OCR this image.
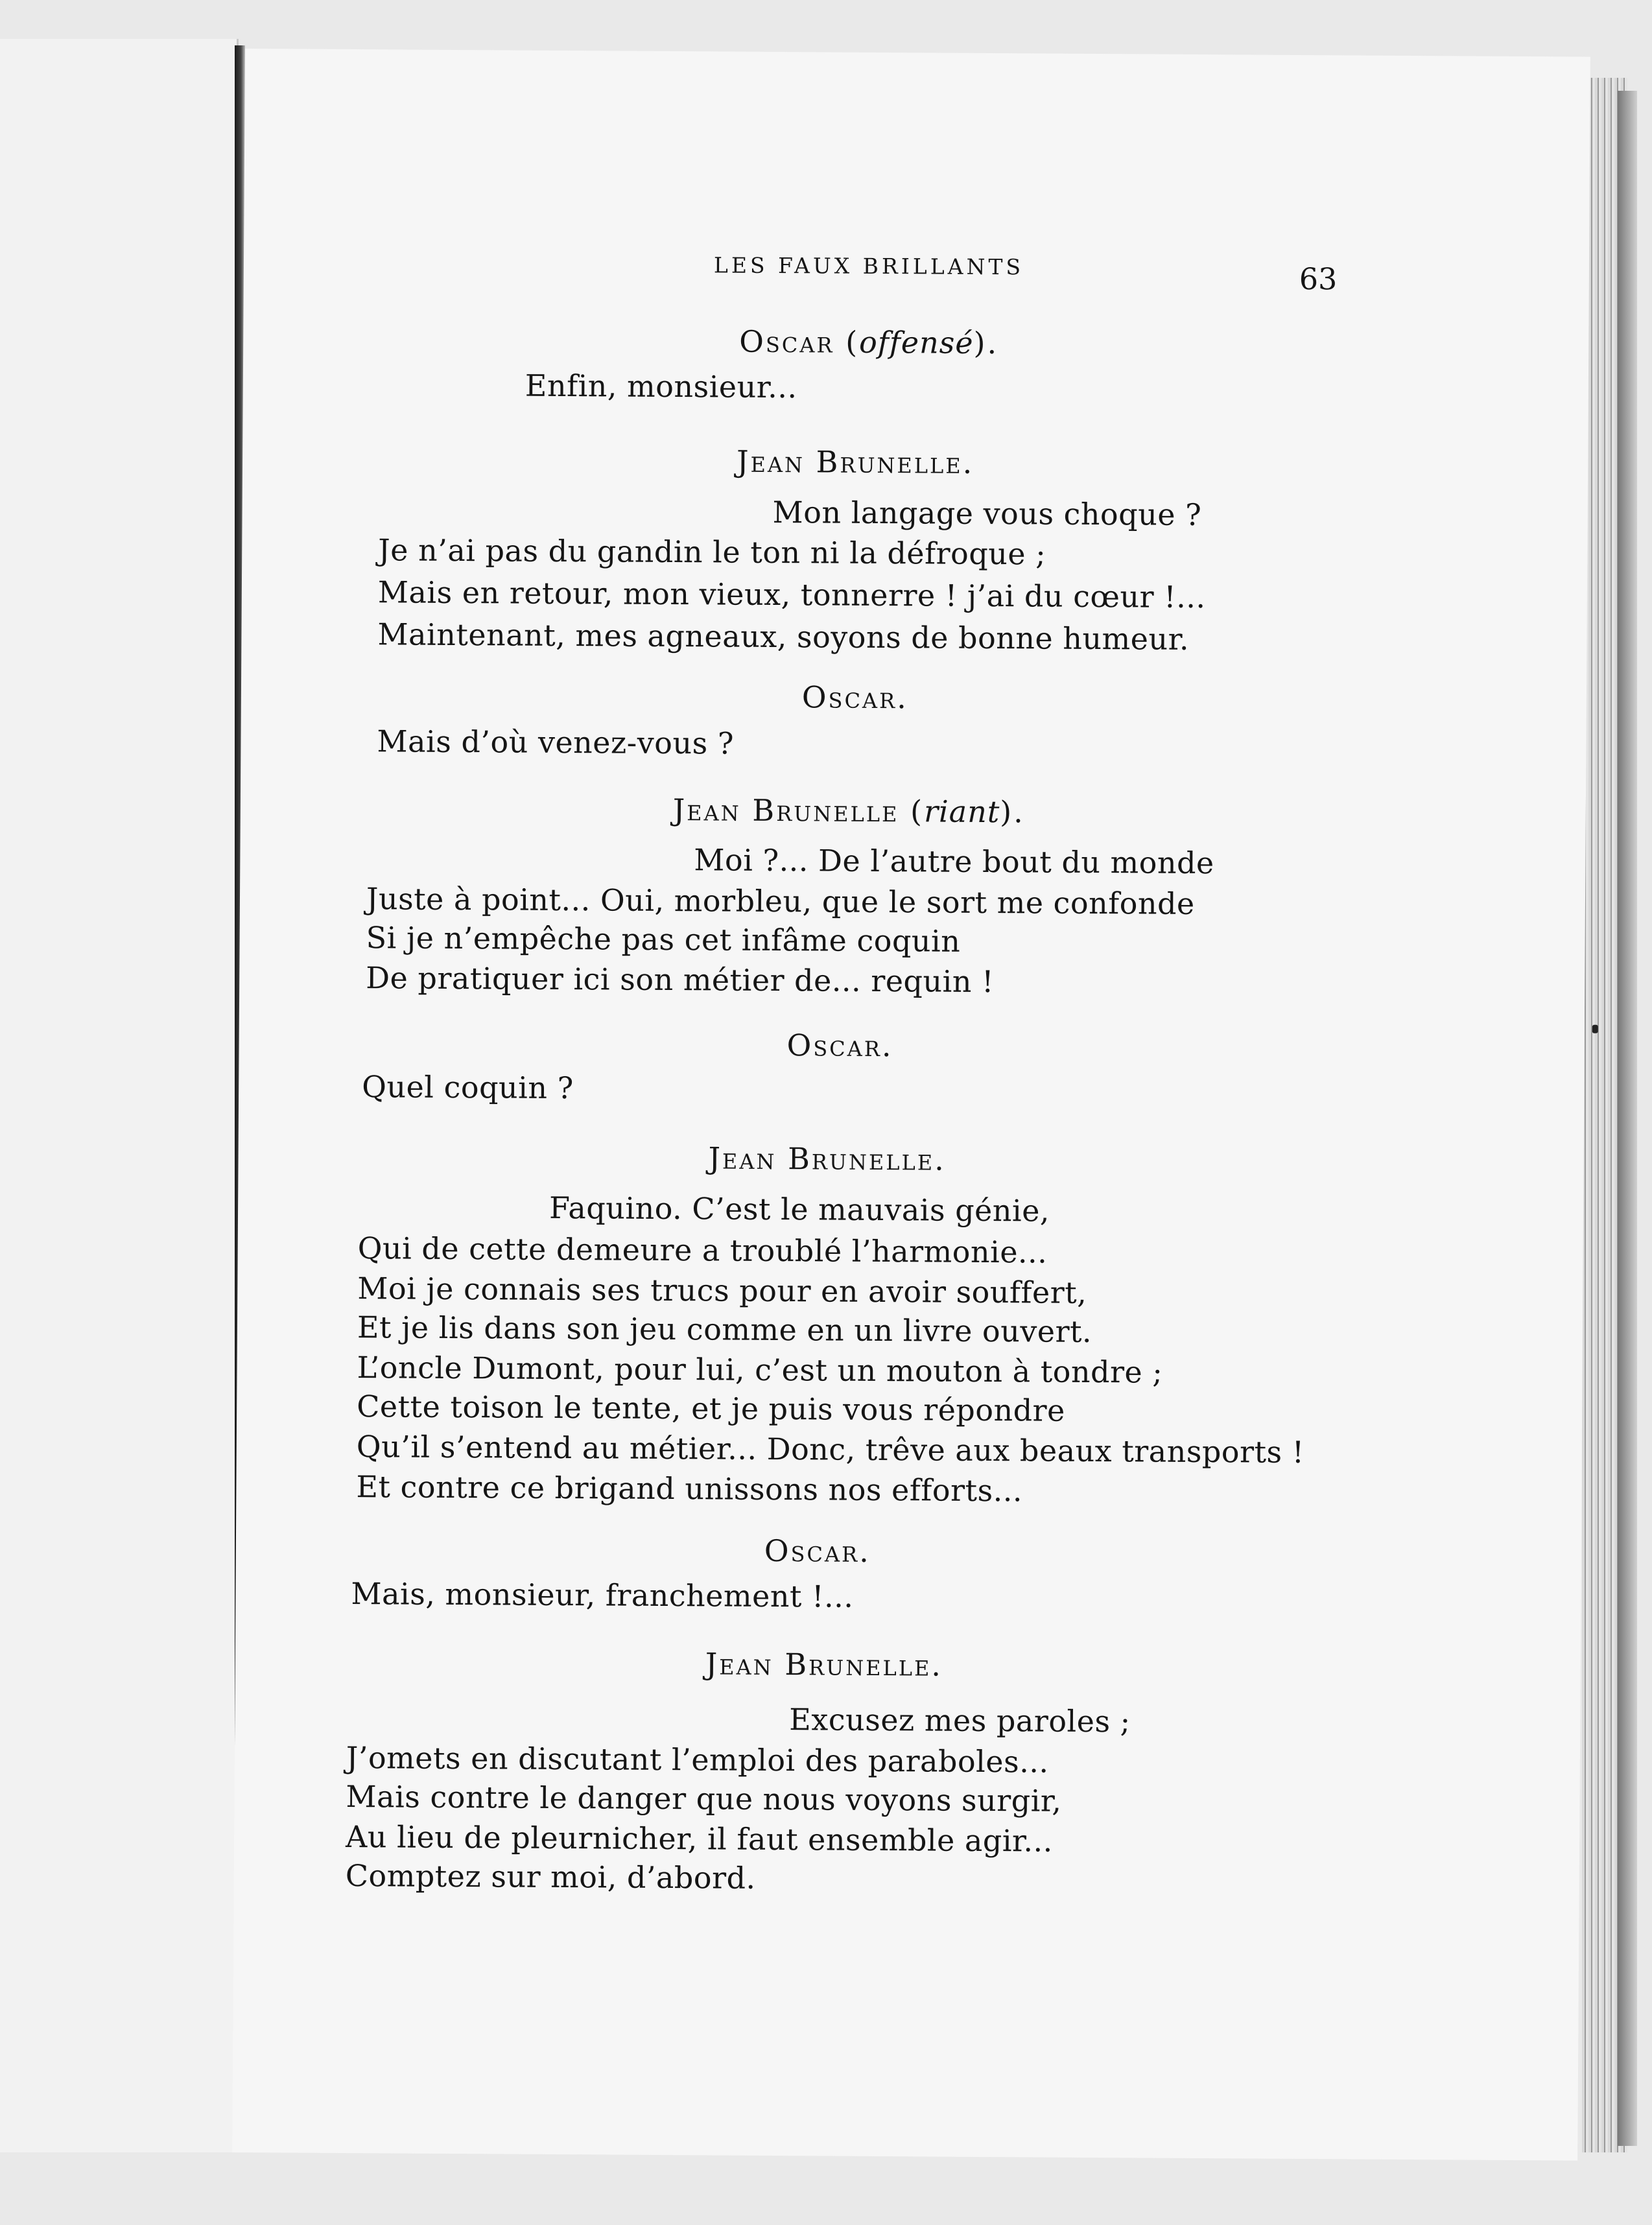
LES FAUX BRILLANTS	63
Oscar (offensé).
Enfin, monsieur...
Jean Brunelle.
Mon langage vous choque ?
Je n’ai pas du gandin le ton ni la défroque ;
Mais en retour, mon vieux, tonnerre ! j’ai du cœur !...
Maintenant, mes agneaux, soyons de bonne humeur.
Oscar.
Mais d’où venez-vous ?
Jean Brunelle (riant).
Moi ?... De l’autre bout du monde
Juste à point... Oui, morbleu, que le sort me confonde
Si je n’empêche pas cet infâme coquin
De pratiquer ici son métier de... requin !
Oscar.
Quel coquin ?
Jean Brunelle.
Faquino. C’est le mauvais génie,
Qui de cette demeure a troublé l’harmonie...
Moi je connais ses trucs pour en avoir souffert,
Et je lis dans son jeu comme en un livre ouvert.
L’oncle Dumont, pour lui, c’est un mouton à tondre ;
Cette toison le tente, et je puis vous répondre
Qu’il s’entend au métier... Donc, trêve aux beaux transports !
Et contre ce brigand unissons nos efforts...
Oscar.
Mais, monsieur, franchement !...
Jean Brunelle.
Excusez mes paroles ;
J’omets en discutant l’emploi des paraboles...
Mais contre le danger que nous voyons surgir,
Au lieu de pleurnicher, il faut ensemble agir...
Comptez sur moi, d’abord.
